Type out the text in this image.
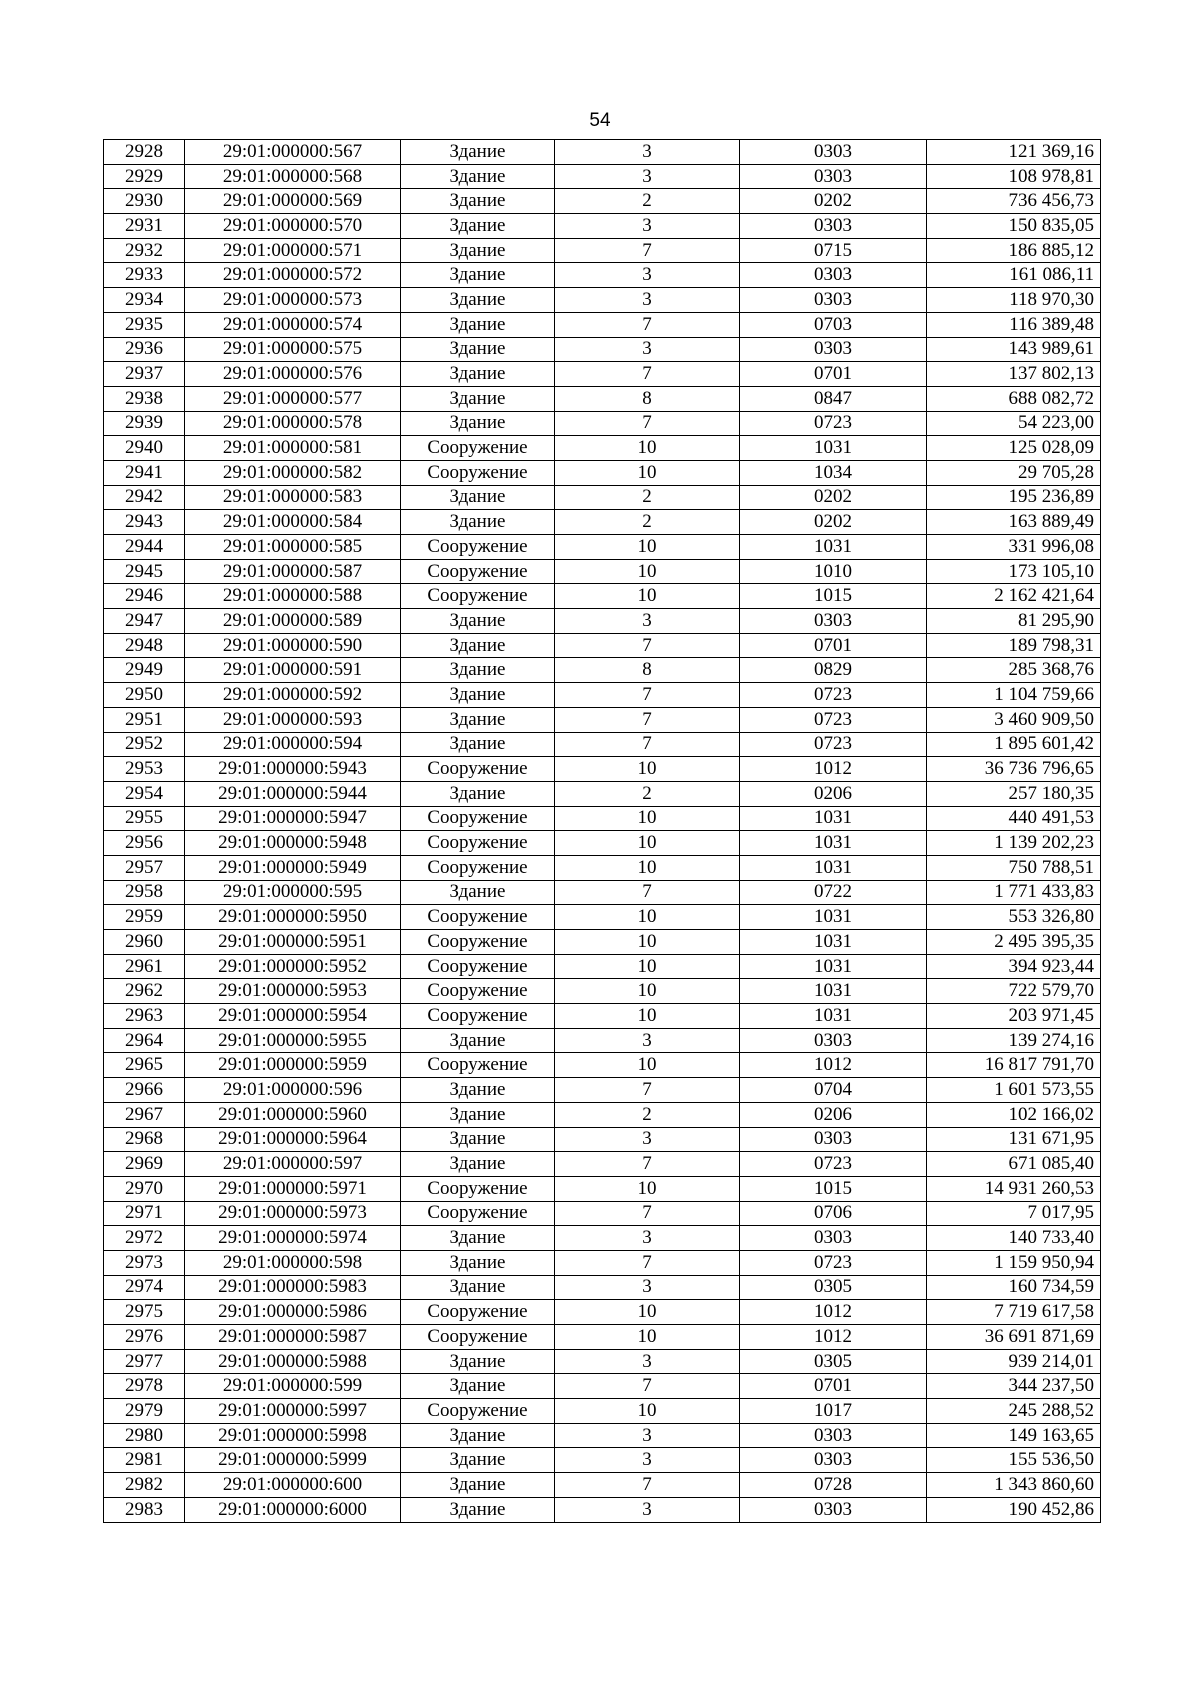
54
2928	29:01:000000:567	Здание	3	0303	121 369,16
2929	29:01:000000:568	Здание	3	0303	108 978,81
2930	29:01:000000:569	Здание	2	0202	736 456,73
2931	29:01:000000:570	Здание	3	0303	150 835,05
2932	29:01:000000:571	Здание	7	0715	186 885,12
2933	29:01:000000:572	Здание	3	0303	161 086,11
2934	29:01:000000:573	Здание	3	0303	118 970,30
2935	29:01:000000:574	Здание	7	0703	116 389,48
2936	29:01:000000:575	Здание	3	0303	143 989,61
2937	29:01:000000:576	Здание	7	0701	137 802,13
2938	29:01:000000:577	Здание	8	0847	688 082,72
2939	29:01:000000:578	Здание	7	0723	54 223,00
2940	29:01:000000:581	Сооружение	10	1031	125 028,09
2941	29:01:000000:582	Сооружение	10	1034	29 705,28
2942	29:01:000000:583	Здание	2	0202	195 236,89
2943	29:01:000000:584	Здание	2	0202	163 889,49
2944	29:01:000000:585	Сооружение	10	1031	331 996,08
2945	29:01:000000:587	Сооружение	10	1010	173 105,10
2946	29:01:000000:588	Сооружение	10	1015	2 162 421,64
2947	29:01:000000:589	Здание	3	0303	81 295,90
2948	29:01:000000:590	Здание	7	0701	189 798,31
2949	29:01:000000:591	Здание	8	0829	285 368,76
2950	29:01:000000:592	Здание	7	0723	1 104 759,66
2951	29:01:000000:593	Здание	7	0723	3 460 909,50
2952	29:01:000000:594	Здание	7	0723	1 895 601,42
2953	29:01:000000:5943	Сооружение	10	1012	36 736 796,65
2954	29:01:000000:5944	Здание	2	0206	257 180,35
2955	29:01:000000:5947	Сооружение	10	1031	440 491,53
2956	29:01:000000:5948	Сооружение	10	1031	1 139 202,23
2957	29:01:000000:5949	Сооружение	10	1031	750 788,51
2958	29:01:000000:595	Здание	7	0722	1 771 433,83
2959	29:01:000000:5950	Сооружение	10	1031	553 326,80
2960	29:01:000000:5951	Сооружение	10	1031	2 495 395,35
2961	29:01:000000:5952	Сооружение	10	1031	394 923,44
2962	29:01:000000:5953	Сооружение	10	1031	722 579,70
2963	29:01:000000:5954	Сооружение	10	1031	203 971,45
2964	29:01:000000:5955	Здание	3	0303	139 274,16
2965	29:01:000000:5959	Сооружение	10	1012	16 817 791,70
2966	29:01:000000:596	Здание	7	0704	1 601 573,55
2967	29:01:000000:5960	Здание	2	0206	102 166,02
2968	29:01:000000:5964	Здание	3	0303	131 671,95
2969	29:01:000000:597	Здание	7	0723	671 085,40
2970	29:01:000000:5971	Сооружение	10	1015	14 931 260,53
2971	29:01:000000:5973	Сооружение	7	0706	7 017,95
2972	29:01:000000:5974	Здание	3	0303	140 733,40
2973	29:01:000000:598	Здание	7	0723	1 159 950,94
2974	29:01:000000:5983	Здание	3	0305	160 734,59
2975	29:01:000000:5986	Сооружение	10	1012	7 719 617,58
2976	29:01:000000:5987	Сооружение	10	1012	36 691 871,69
2977	29:01:000000:5988	Здание	3	0305	939 214,01
2978	29:01:000000:599	Здание	7	0701	344 237,50
2979	29:01:000000:5997	Сооружение	10	1017	245 288,52
2980	29:01:000000:5998	Здание	3	0303	149 163,65
2981	29:01:000000:5999	Здание	3	0303	155 536,50
2982	29:01:000000:600	Здание	7	0728	1 343 860,60
2983	29:01:000000:6000	Здание	3	0303	190 452,86
